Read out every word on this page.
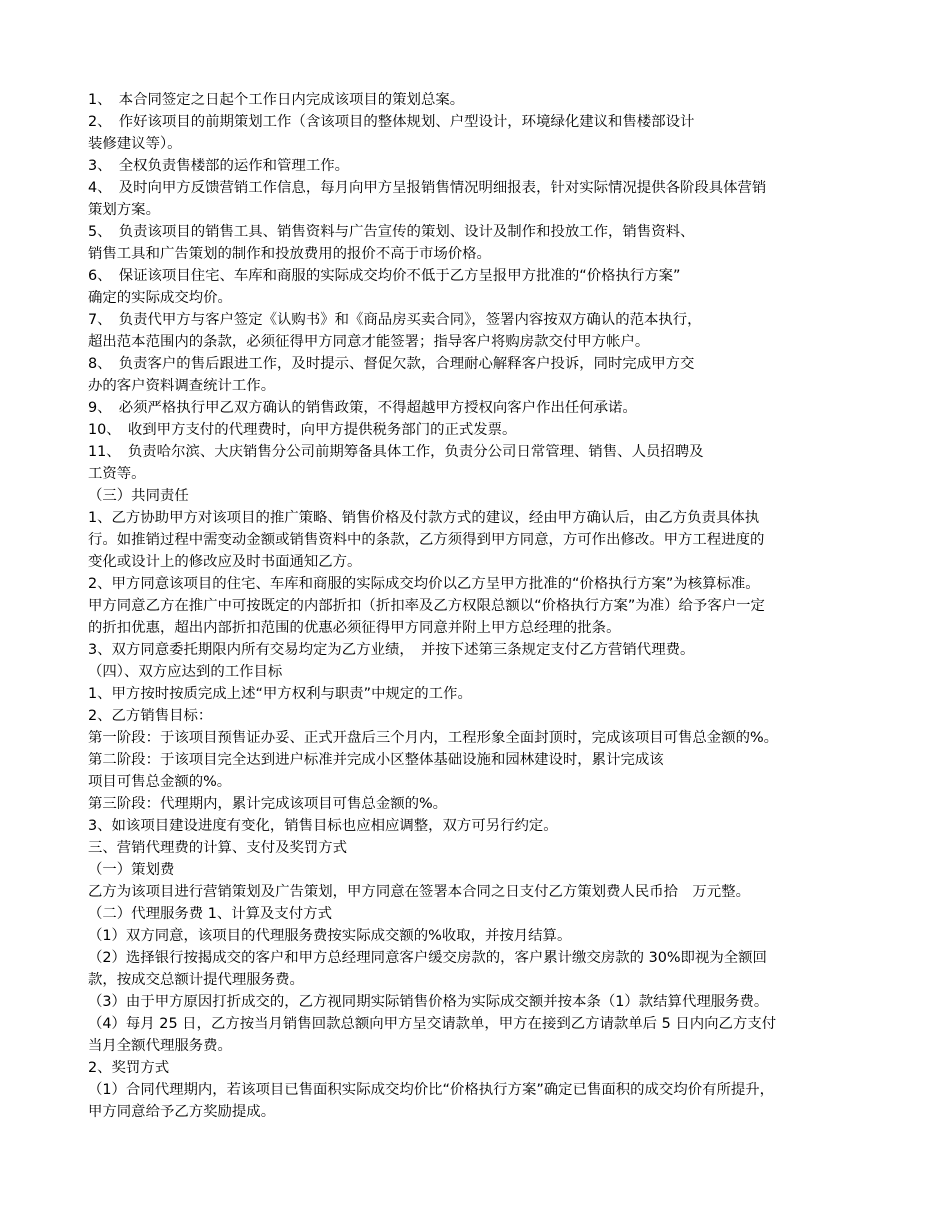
1、　本合同签定之日起个工作日内完成该项目的策划总案。
2、　作好该项目的前期策划工作（含该项目的整体规划、户型设计，环境绿化建议和售楼部设计
装修建议等）。
3、　全权负责售楼部的运作和管理工作。
4、　及时向甲方反馈营销工作信息，每月向甲方呈报销售情况明细报表，针对实际情况提供各阶段具体营销
策划方案。
5、　负责该项目的销售工具、销售资料与广告宣传的策划、设计及制作和投放工作，销售资料、
销售工具和广告策划的制作和投放费用的报价不高于市场价格。
6、　保证该项目住宅、车库和商服的实际成交均价不低于乙方呈报甲方批准的“价格执行方案”
确定的实际成交均价。
7、　负责代甲方与客户签定《认购书》和《商品房买卖合同》，签署内容按双方确认的范本执行，
超出范本范围内的条款，必须征得甲方同意才能签署；指导客户将购房款交付甲方帐户。
8、　负责客户的售后跟进工作，及时提示、督促欠款，合理耐心解释客户投诉，同时完成甲方交
办的客户资料调查统计工作。
9、　必须严格执行甲乙双方确认的销售政策，不得超越甲方授权向客户作出任何承诺。
10、　收到甲方支付的代理费时，向甲方提供税务部门的正式发票。
11、　负责哈尔滨、大庆销售分公司前期筹备具体工作，负责分公司日常管理、销售、人员招聘及
工资等。
（三）共同责任
1、乙方协助甲方对该项目的推广策略、销售价格及付款方式的建议，经由甲方确认后，由乙方负责具体执
行。如推销过程中需变动金额或销售资料中的条款，乙方须得到甲方同意，方可作出修改。甲方工程进度的
变化或设计上的修改应及时书面通知乙方。
2、甲方同意该项目的住宅、车库和商服的实际成交均价以乙方呈甲方批准的“价格执行方案”为核算标准。
甲方同意乙方在推广中可按既定的内部折扣（折扣率及乙方权限总额以“价格执行方案”为准）给予客户一定
的折扣优惠，超出内部折扣范围的优惠必须征得甲方同意并附上甲方总经理的批条。
3、双方同意委托期限内所有交易均定为乙方业绩，　并按下述第三条规定支付乙方营销代理费。
（四）、双方应达到的工作目标
1、甲方按时按质完成上述“甲方权利与职责”中规定的工作。
2、乙方销售目标：
第一阶段：于该项目预售证办妥、正式开盘后三个月内，工程形象全面封顶时，完成该项目可售总金额的%。
第二阶段：于该项目完全达到进户标准并完成小区整体基础设施和园林建设时，累计完成该
项目可售总金额的%。
第三阶段：代理期内，累计完成该项目可售总金额的%。
3、如该项目建设进度有变化，销售目标也应相应调整，双方可另行约定。
三、营销代理费的计算、支付及奖罚方式
（一）策划费
乙方为该项目进行营销策划及广告策划，甲方同意在签署本合同之日支付乙方策划费人民币拾　万元整。
（二）代理服务费 1、计算及支付方式
（1）双方同意，该项目的代理服务费按实际成交额的%收取，并按月结算。
（2）选择银行按揭成交的客户和甲方总经理同意客户缓交房款的，客户累计缴交房款的 30%即视为全额回
款，按成交总额计提代理服务费。
（3）由于甲方原因打折成交的，乙方视同期实际销售价格为实际成交额并按本条（1）款结算代理服务费。
（4）每月 25 日，乙方按当月销售回款总额向甲方呈交请款单，甲方在接到乙方请款单后 5 日内向乙方支付
当月全额代理服务费。
2、奖罚方式
（1）合同代理期内，若该项目已售面积实际成交均价比“价格执行方案”确定已售面积的成交均价有所提升，
甲方同意给予乙方奖励提成。
